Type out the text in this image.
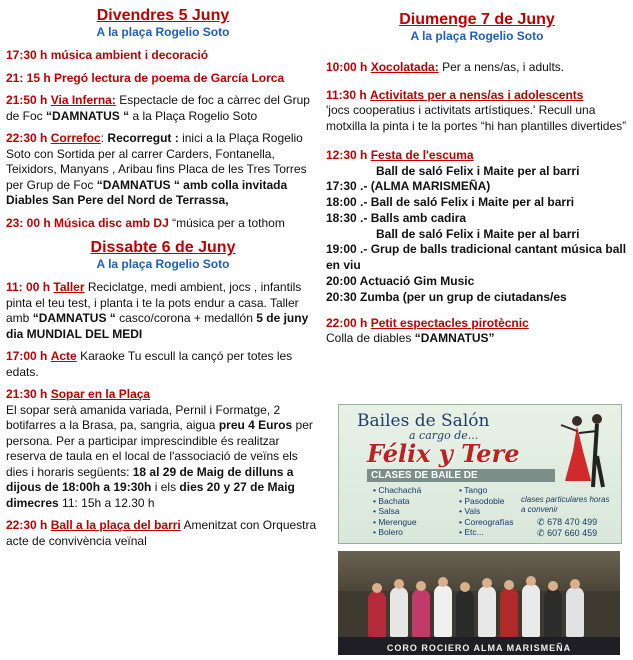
Divendres 5 Juny

A la plaça Rogelio Soto

17:30 h música ambient i decoració

21: 15 h Pregó lectura de poema de García Lorca

21:50 h Via Inferna: Espectacle de foc a càrrec del Grup de Foc “DAMNATUS “ a la Plaça Rogelio Soto

22:30 h Correfoc: Recorregut : inici a la Plaça Rogelio Soto con Sortida per al carrer Carders, Fontanella, Teixidors, Manyans , Aribau fins Placa de les Tres Torres per Grup de Foc “DAMNATUS “ amb colla invitada Diables San Pere del Nord de Terrassa,

23: 00 h Música disc amb DJ “música per a tothom

Dissabte 6 de Juny

A la plaça Rogelio Soto

11: 00 h Taller Reciclatge, medi ambient, jocs , infantils pinta el teu test, i planta i te la pots endur a casa. Taller amb “DAMNATUS “ casco/corona + medallón 5 de juny dia MUNDIAL DEL MEDI

17:00 h Acte Karaoke Tu escull la cançó per totes les edats.

21:30 h Sopar en la Plaça
El sopar serà amanida variada, Pernil i Formatge, 2 botifarres a la Brasa, pa, sangria, aigua preu 4 Euros per persona. Per a participar imprescindible és realitzar reserva de taula en el local de l'associació de veïns els dies i horaris següents: 18 al 29 de Maig de dilluns a dijous de 18:00h a 19:30h i els dies 20 y 27 de Maig dimecres 11: 15h a 12.30 h

22:30 h Ball a la plaça del barri Amenitzat con Orquestra acte de convivència veïnal

Diumenge 7 de Juny

A la plaça Rogelio Soto

10:00 h Xocolatada: Per a nens/as, i adults.

11:30 h Activitats per a nens/as i adolescents
'jocs cooperatius i activitats artístiques.' Recull una motxilla la pinta i te la portes “hi han plantilles divertides”

12:30 h Festa de l'escuma

Ball de saló Felix i Maite per al barri

17:30 .- (ALMA MARISMEÑA)

18:00 .- Ball de saló Felix i Maite per al barri

18:30 .- Balls amb cadira

Ball de saló Felix i Maite per al barri

19:00 .- Grup de balls tradicional cantant música ball en viu

20:00 Actuació Gim Music

20:30 Zumba (per un grup de ciutadans/es

22:00 h Petit espectacles pirotècnic
Colla de diables “DAMNATUS”

Bailes de Salón
a cargo de...
Félix y Tere
CLASES DE BAILE DE
• Chachachá
• Bachata
• Salsa
• Merengue
• Bolero
• Tango
• Pasodoble
• Vals
• Coreografías
• Etc...
clases particulares horas a convenir
✆ 678 470 499
✆ 607 660 459
CORO ROCIERO ALMA MARISMEÑA
